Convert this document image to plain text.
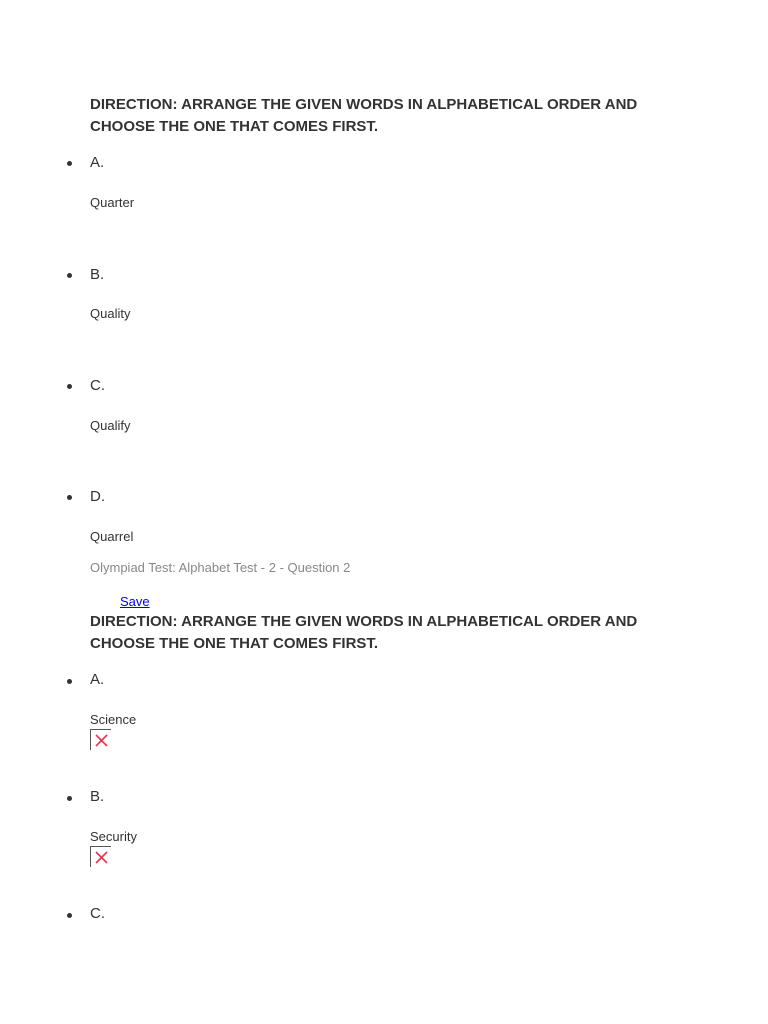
DIRECTION: ARRANGE THE GIVEN WORDS IN ALPHABETICAL ORDER AND CHOOSE THE ONE THAT COMES FIRST.
A.
Quarter
B.
Quality
C.
Qualify
D.
Quarrel
Olympiad Test: Alphabet Test - 2 - Question 2
Save
DIRECTION: ARRANGE THE GIVEN WORDS IN ALPHABETICAL ORDER AND CHOOSE THE ONE THAT COMES FIRST.
A.
Science
B.
Security
C.
